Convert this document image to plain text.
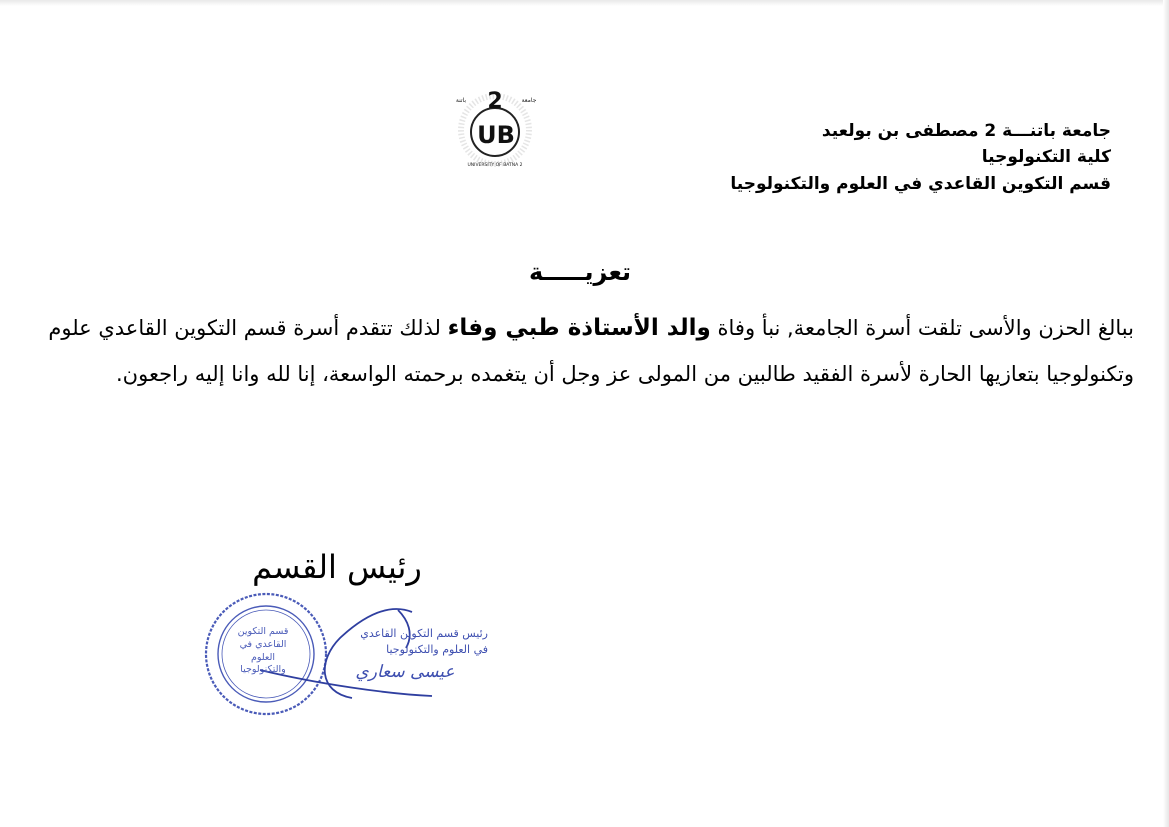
2
UB
جامعة
باتنة
UNIVERSITY OF BATNA 2
جامعة باتنـــة 2 مصطفى بن بولعيد
كلية التكنولوجيا
قسم التكوين القاعدي في العلوم والتكنولوجيا
تعزيـــــة
ببالغ الحزن والأسى تلقت أسرة الجامعة, نبأ وفاة والد الأستاذة طبي وفاء لذلك تتقدم أسرة قسم التكوين القاعدي علوم وتكنولوجيا بتعازيها الحارة لأسرة الفقيد طالبين من المولى عز وجل أن يتغمده برحمته الواسعة، إنا لله وانا إليه راجعون.
رئيس القسم
قسم التكوين
القاعدي في العلوم
والتكنولوجيا
رئيس قسم التكوين القاعدي
في العلوم والتكنولوجيا
عيسى سعاري
